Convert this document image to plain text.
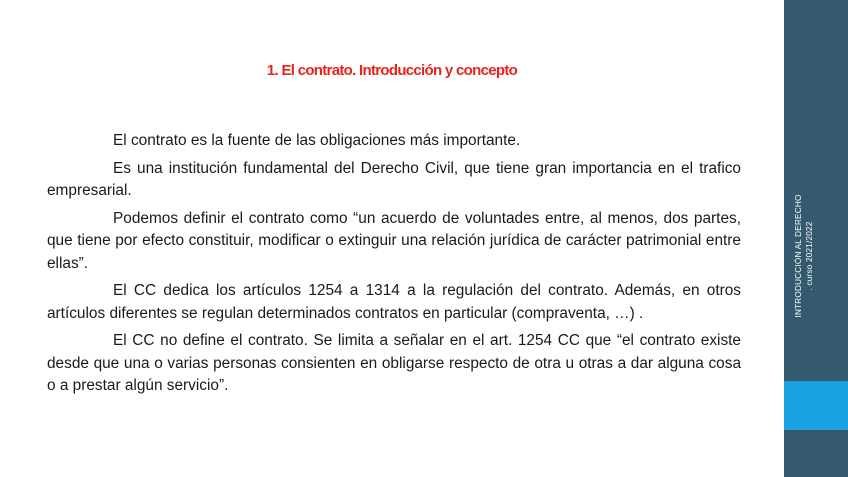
1. El contrato. Introducción y concepto

El contrato es la fuente de las obligaciones más importante.

Es una institución fundamental del Derecho Civil, que tiene gran importancia en el trafico empresarial.

Podemos definir el contrato como “un acuerdo de voluntades entre, al menos, dos partes, que tiene por efecto constituir, modificar o extinguir una relación jurídica de carácter patrimonial entre ellas”.

El CC dedica los artículos 1254 a 1314 a la regulación del contrato. Además, en otros artículos diferentes se regulan determinados contratos en particular (compraventa, …) .

El CC no define el contrato. Se limita a señalar en el art. 1254 CC que “el contrato existe desde que una o varias personas consienten en obligarse respecto de otra u otras a dar alguna cosa o a prestar algún servicio”.

INTRODUCCIÓN AL DERECHO . curso 2021/2022
